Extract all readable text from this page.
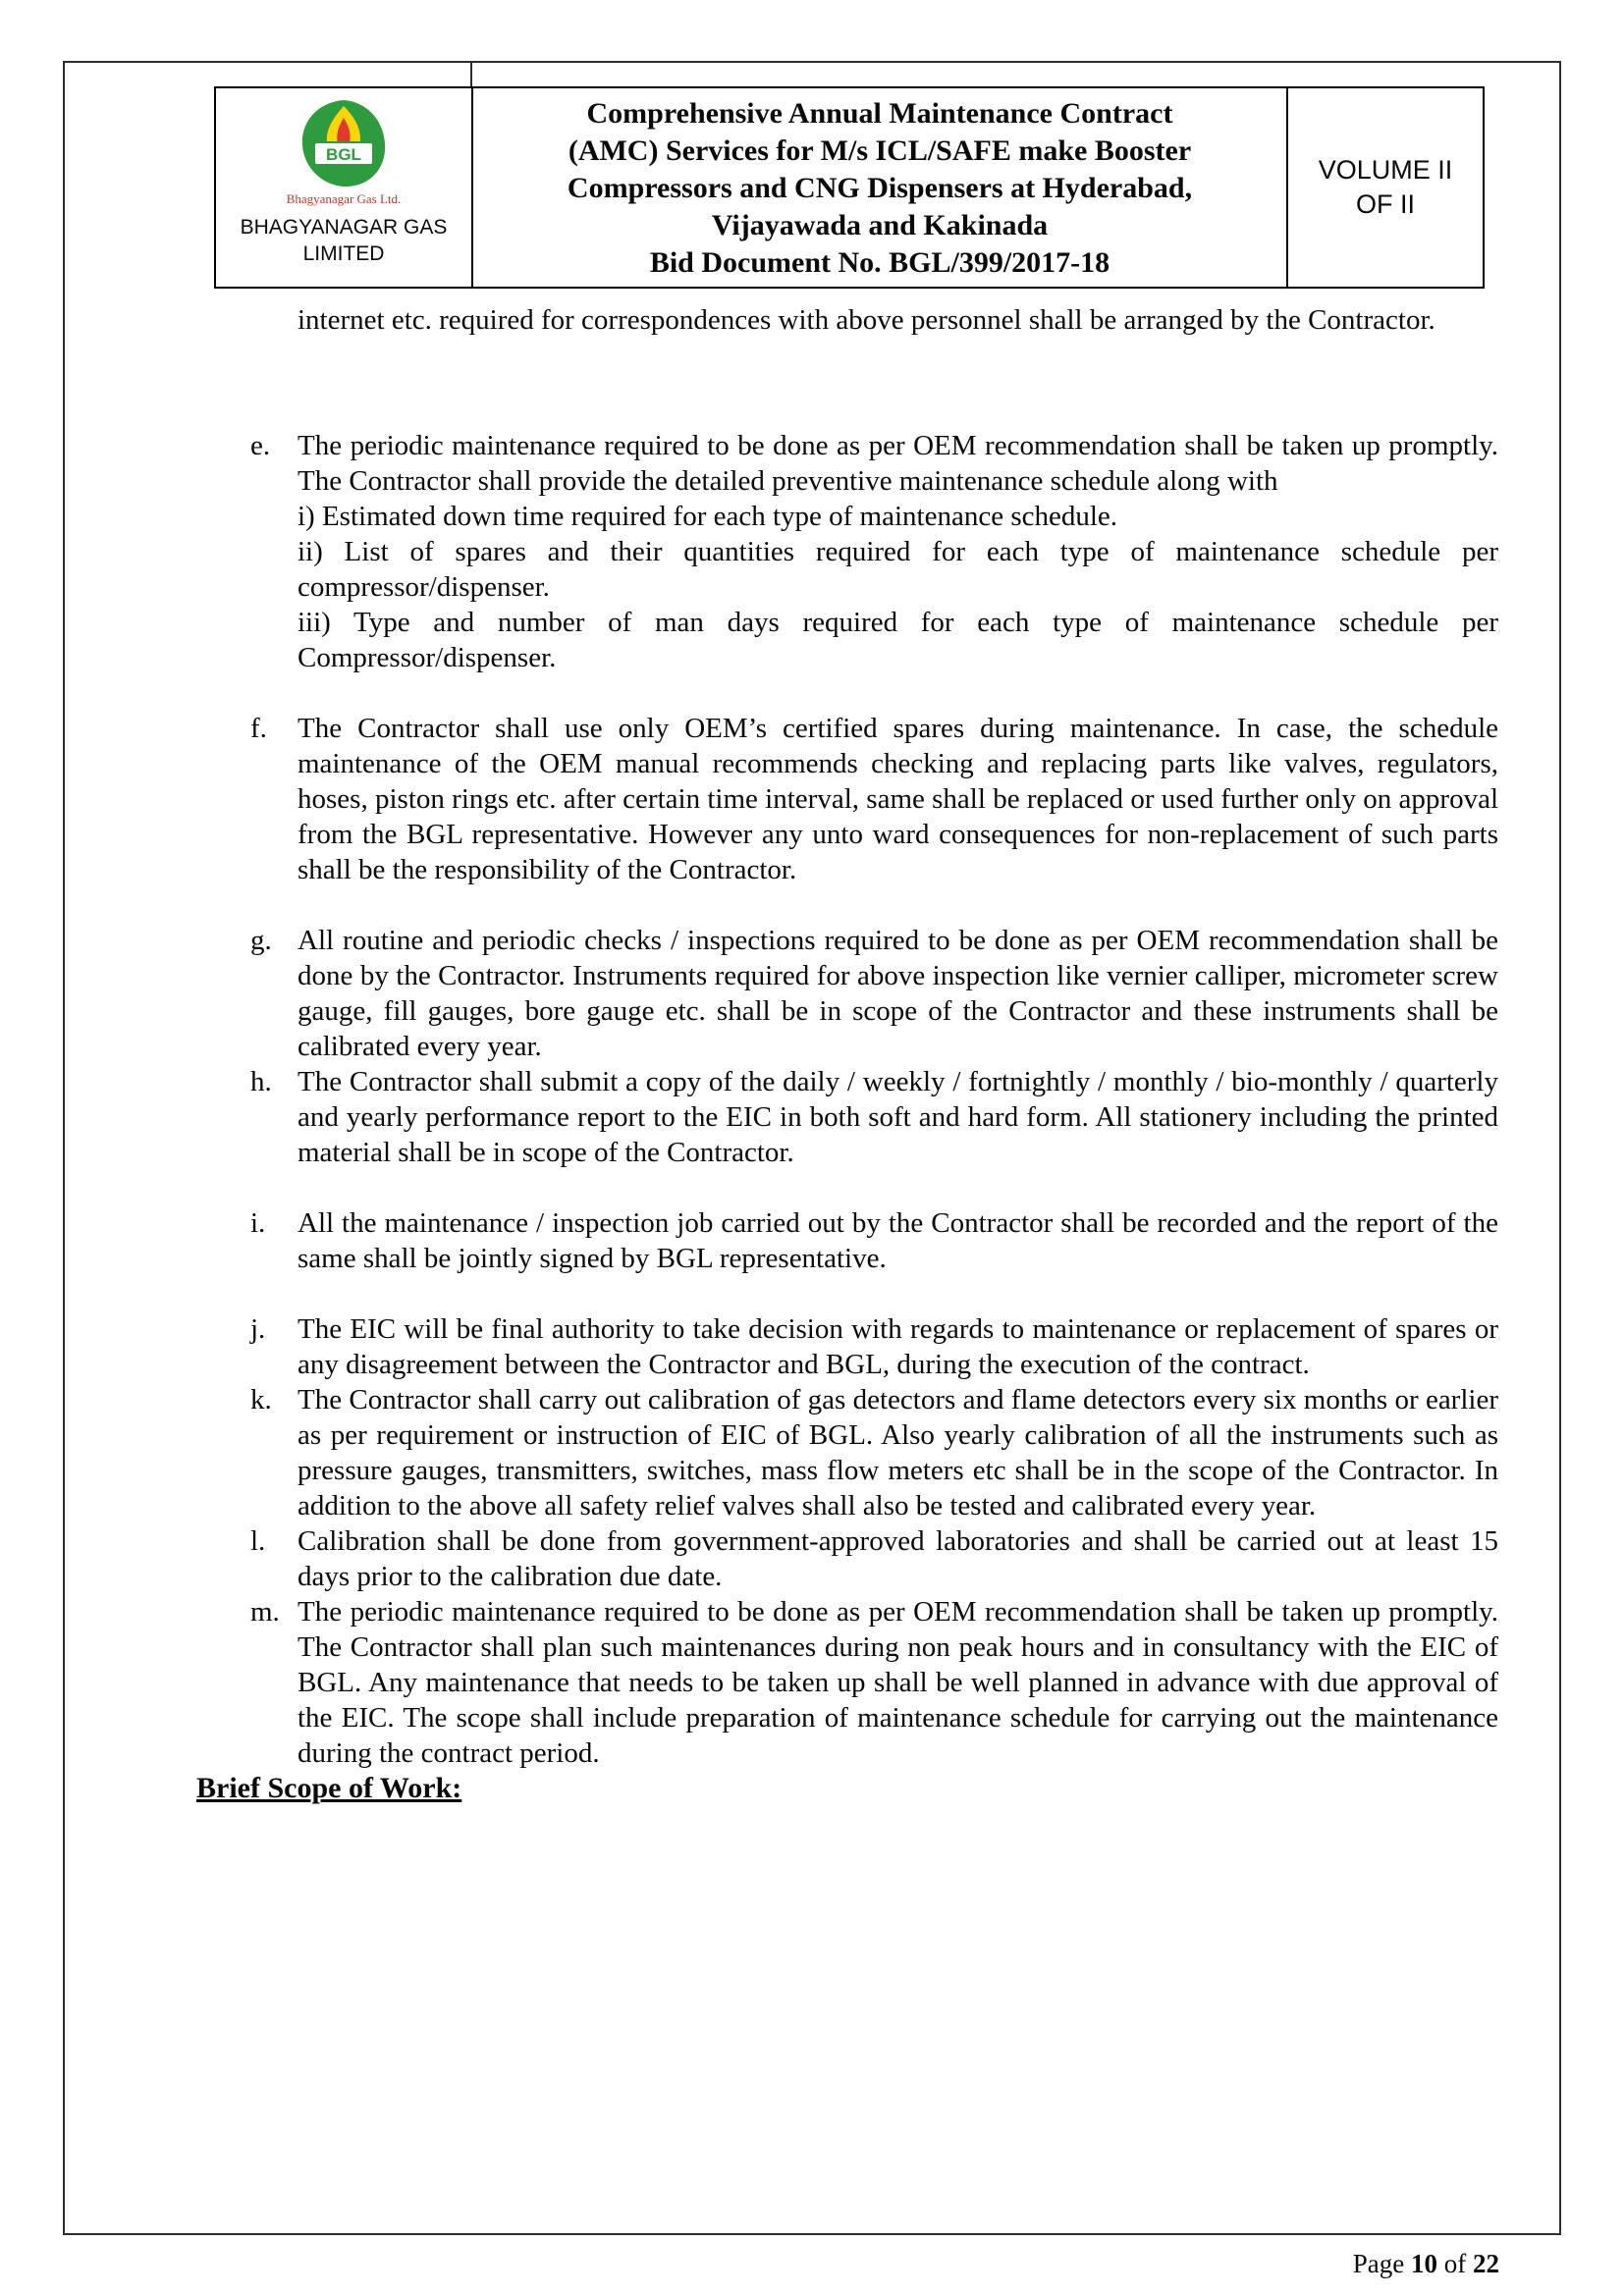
BGL
Bhagyanagar Gas Ltd.
BHAGYANAGAR GAS
LIMITED
Comprehensive Annual Maintenance Contract
(AMC) Services for M/s ICL/SAFE make Booster
Compressors and CNG Dispensers at Hyderabad,
Vijayawada and Kakinada
Bid Document No. BGL/399/2017-18
VOLUME II
OF II

internet etc. required for correspondences with above personnel shall be arranged by the Contractor.

e. The periodic maintenance required to be done as per OEM recommendation shall be taken up promptly. The Contractor shall provide the detailed preventive maintenance schedule along with

i) Estimated down time required for each type of maintenance schedule.

ii) List of spares and their quantities required for each type of maintenance schedule per compressor/dispenser.

iii) Type and number of man days required for each type of maintenance schedule per Compressor/dispenser.

f. The Contractor shall use only OEM’s certified spares during maintenance. In case, the schedule maintenance of the OEM manual recommends checking and replacing parts like valves, regulators, hoses, piston rings etc. after certain time interval, same shall be replaced or used further only on approval from the BGL representative. However any unto ward consequences for non-replacement of such parts shall be the responsibility of the Contractor.

g. All routine and periodic checks / inspections required to be done as per OEM recommendation shall be done by the Contractor. Instruments required for above inspection like vernier calliper, micrometer screw gauge, fill gauges, bore gauge etc. shall be in scope of the Contractor and these instruments shall be calibrated every year.

h. The Contractor shall submit a copy of the daily / weekly / fortnightly / monthly / bio-monthly / quarterly and yearly performance report to the EIC in both soft and hard form. All stationery including the printed material shall be in scope of the Contractor.

i. All the maintenance / inspection job carried out by the Contractor shall be recorded and the report of the same shall be jointly signed by BGL representative.

j. The EIC will be final authority to take decision with regards to maintenance or replacement of spares or any disagreement between the Contractor and BGL, during the execution of the contract.

k. The Contractor shall carry out calibration of gas detectors and flame detectors every six months or earlier as per requirement or instruction of EIC of BGL. Also yearly calibration of all the instruments such as pressure gauges, transmitters, switches, mass flow meters etc shall be in the scope of the Contractor. In addition to the above all safety relief valves shall also be tested and calibrated every year.

l. Calibration shall be done from government-approved laboratories and shall be carried out at least 15 days prior to the calibration due date.

m. The periodic maintenance required to be done as per OEM recommendation shall be taken up promptly. The Contractor shall plan such maintenances during non peak hours and in consultancy with the EIC of BGL. Any maintenance that needs to be taken up shall be well planned in advance with due approval of the EIC. The scope shall include preparation of maintenance schedule for carrying out the maintenance during the contract period.

Brief Scope of Work:

Page 10 of 22
